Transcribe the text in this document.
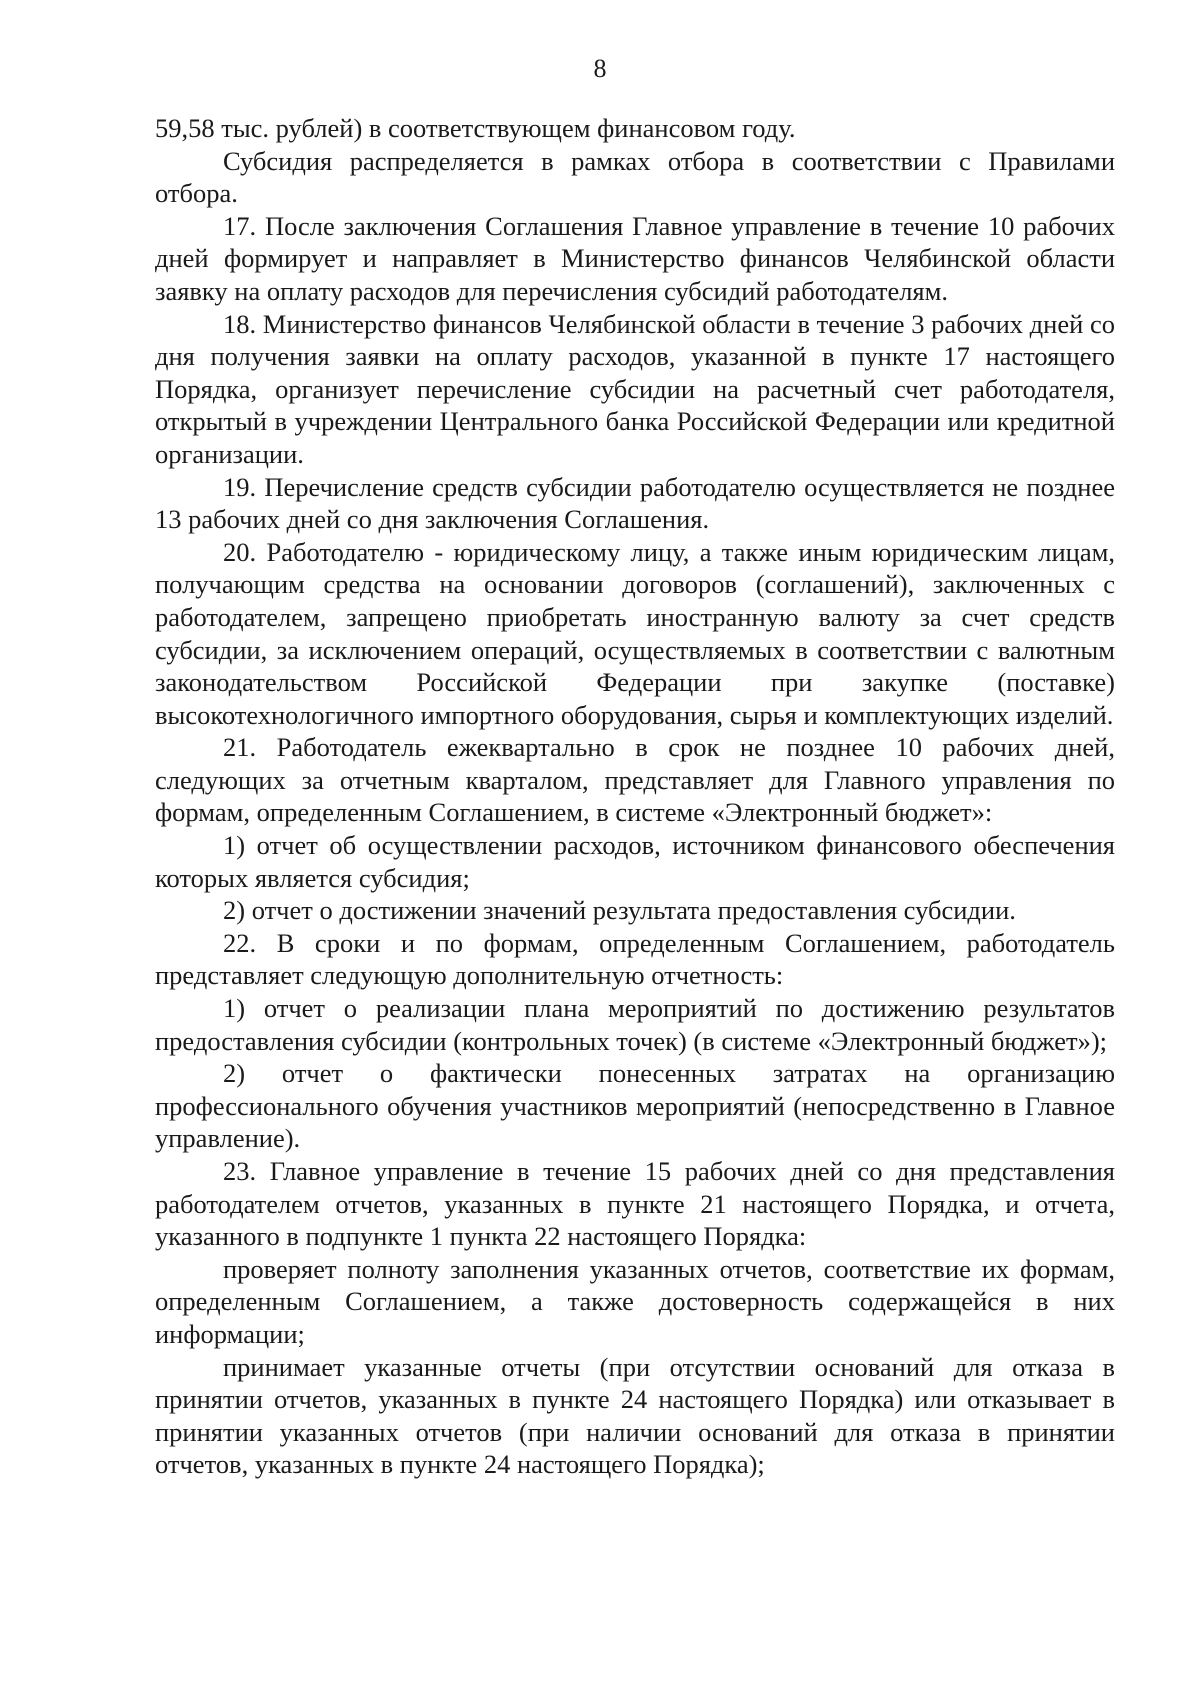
8

59,58 тыс. рублей) в соответствующем финансовом году.

Субсидия распределяется в рамках отбора в соответствии с Правилами отбора.

17. После заключения Соглашения Главное управление в течение 10 рабочих дней формирует и направляет в Министерство финансов Челябинской области заявку на оплату расходов для перечисления субсидий работодателям.

18. Министерство финансов Челябинской области в течение 3 рабочих дней со дня получения заявки на оплату расходов, указанной в пункте 17 настоящего Порядка, организует перечисление субсидии на расчетный счет работодателя, открытый в учреждении Центрального банка Российской Федерации или кредитной организации.

19. Перечисление средств субсидии работодателю осуществляется не позднее 13 рабочих дней со дня заключения Соглашения.

20. Работодателю - юридическому лицу, а также иным юридическим лицам, получающим средства на основании договоров (соглашений), заключенных с работодателем, запрещено приобретать иностранную валюту за счет средств субсидии, за исключением операций, осуществляемых в соответствии с валютным законодательством Российской Федерации при закупке (поставке) высокотехнологичного импортного оборудования, сырья и комплектующих изделий.

21. Работодатель ежеквартально в срок не позднее 10 рабочих дней, следующих за отчетным кварталом, представляет для Главного управления по формам, определенным Соглашением, в системе «Электронный бюджет»:

1) отчет об осуществлении расходов, источником финансового обеспечения которых является субсидия;

2) отчет о достижении значений результата предоставления субсидии.

22. В сроки и по формам, определенным Соглашением, работодатель представляет следующую дополнительную отчетность:

1) отчет о реализации плана мероприятий по достижению результатов предоставления субсидии (контрольных точек) (в системе «Электронный бюджет»);

2) отчет о фактически понесенных затратах на организацию профессионального обучения участников мероприятий (непосредственно в Главное управление).

23. Главное управление в течение 15 рабочих дней со дня представления работодателем отчетов, указанных в пункте 21 настоящего Порядка, и отчета, указанного в подпункте 1 пункта 22 настоящего Порядка:

проверяет полноту заполнения указанных отчетов, соответствие их формам, определенным Соглашением, а также достоверность содержащейся в них информации;

принимает указанные отчеты (при отсутствии оснований для отказа в принятии отчетов, указанных в пункте 24 настоящего Порядка) или отказывает в принятии указанных отчетов (при наличии оснований для отказа в принятии отчетов, указанных в пункте 24 настоящего Порядка);
